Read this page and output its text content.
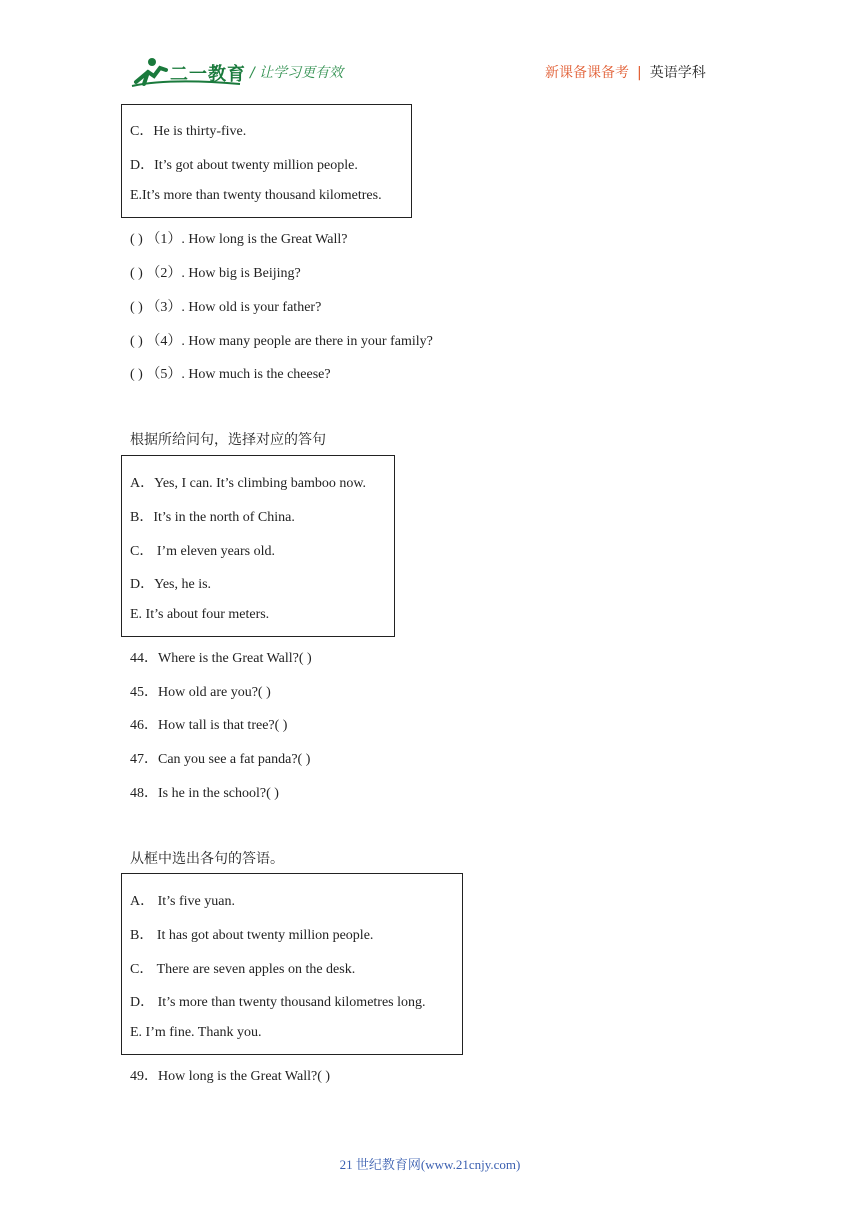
二一教育 / 让学习更有效	新课备课备考 | 英语学科
C．He is thirty-five.
D．It’s got about twenty million people.
E.It’s more than twenty thousand kilometres.
( ) （1）. How long is the Great Wall?
( ) （2）. How big is Beijing?
( ) （3）. How old is your father?
( ) （4）. How many people are there in your family?
( ) （5）. How much is the cheese?
根据所给问句，选择对应的答句
A．Yes, I can. It’s climbing bamboo now.
B．It’s in the north of China.
C． I’m eleven years old.
D．Yes, he is.
E. It’s about four meters.
44．Where is the Great Wall?( )
45．How old are you?( )
46．How tall is that tree?( )
47．Can you see a fat panda?( )
48．Is he in the school?( )
从框中选出各句的答语。
A． It’s five yuan.
B． It has got about twenty million people.
C． There are seven apples on the desk.
D． It’s more than twenty thousand kilometres long.
E. I’m fine. Thank you.
49．How long is the Great Wall?( )
21 世纪教育网(www.21cnjy.com)
